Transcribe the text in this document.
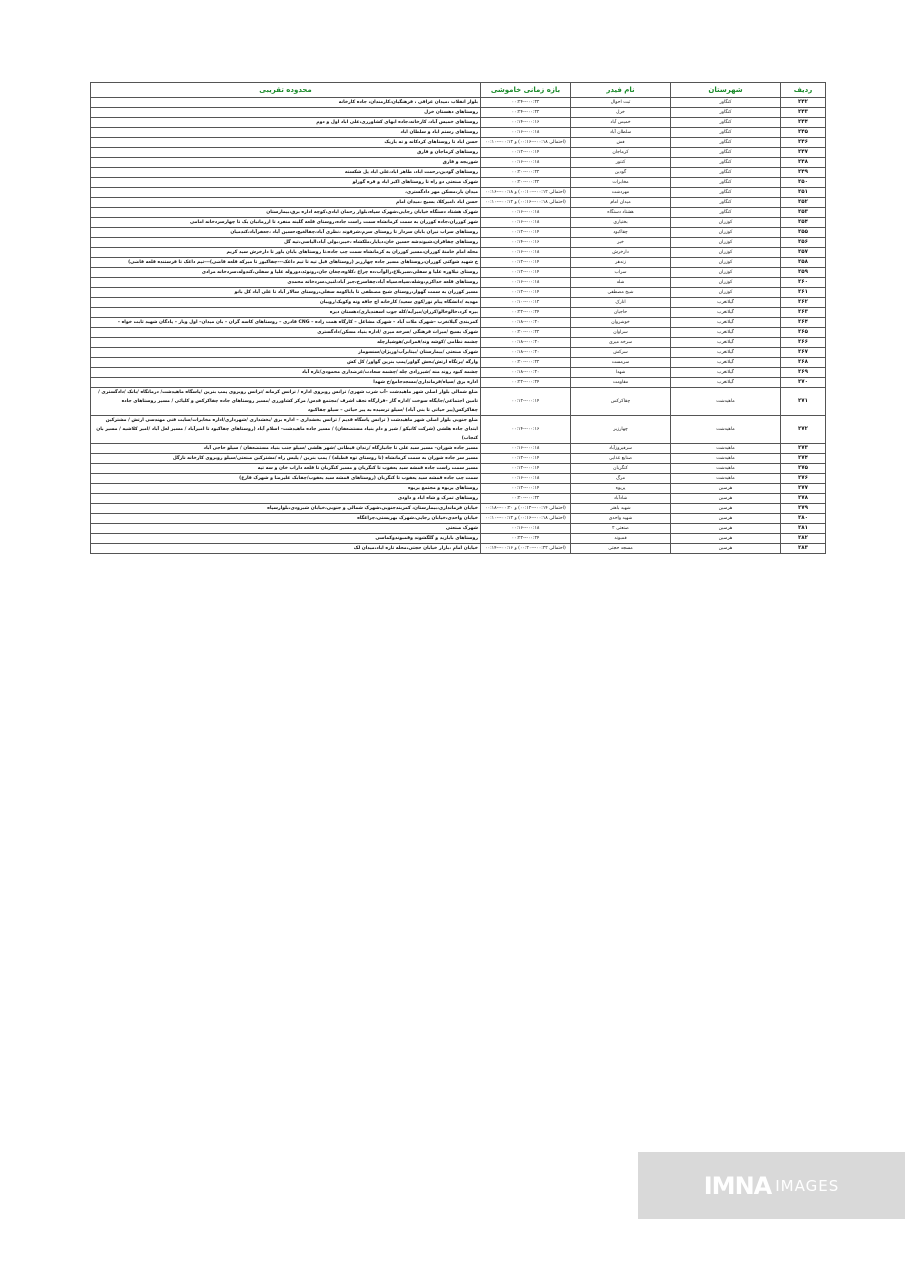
ردیف	شهرستان	نام فیدر	بازه زمانی خاموشی	محدوده تقریبی
۲۴۲	کنگاور	ثبت احوال	۰۰:۲۲---۰۰:۲۴	بلوار انقلاب ،میدان عراقی ، فرهنگیان،کارمندان، جاده کارخانه
۲۴۳	کنگاور	خزل	۰۰:۲۲---۰۰:۲۴	روستاهای دهستان خزل
۲۴۴	کنگاور	خمیس آباد	۰۰:۱۶---۰۰:۱۴	روستاهای خمیس آباد، کارخانه،جاده ابهای کشاورزی،علی اباد اول و دوم
۲۴۵	کنگاور	سلطان آباد	۰۰:۱۸---۰۰:۱۶	روستاهای رستم اباد و سلطان اباد
۲۴۶	کنگاور	فش	(احتمالی ۰۰:۱۸---۰۰:۱۶) و ۰۰:۱۲---۰۰:۱۰	حسن اباد تا روستاهای کردکانه و ته بازیک
۲۴۷	کنگاور	کرماجان	۰۰:۱۴---۰۰:۱۲	روستاهای کرماجان و فارق
۲۴۸	کنگاور	کنتور	۰۰:۱۸---۰۰:۱۶	شوریجه و فارق
۲۴۹	کنگاور	گودین	۰۰:۲۲---۰۰:۲۰	روستاهای گودین،رحمت اباد، طاهر اباد،علی اباد پل شکسته
۲۵۰	کنگاور	مخابرات	۰۰:۲۲---۰۰:۲۰	شهرک صنعتی دو راه تا روستاهای اکبر اباد و قره گوزلو
۲۵۱	کنگاور	مهردشت	(احتمالی ۰۰:۱۲---۰۰:۱۰) و ۰۰:۱۸---۰۰:۱۶	میدان بار،مسکن مهر دادگستری،
۲۵۲	کنگاور	میدان امام	(احتمالی ۰۰:۱۸---۰۰:۱۶) و ۰۰:۱۲---۰۰:۱۰	حسن اباد ،امیرکلا، بسیج ،میدان امام
۲۵۳	کنگاور	هشتاد دستگاه	۰۰:۱۸---۰۰:۱۶	شهرک هشتاد دستگاه خیابان رجایی،شهرک سپاه،بلوار رحمان ابادی،کوچه اداره برق،بیمارستان
۲۵۴	کوزران	بختیاری	۰۰:۱۸---۰۰:۱۶	شهر کوزران،جاده کوزران به سمت کرمانشاه سمت راست جاده،روستای قلعه گلینه منفرد تا ازرمانبان یک تا چهارسردخانه امامی
۲۵۵	کوزران	چقاکبود	۰۰:۱۴---۰۰:۱۲	روستاهای سراب نیران بابان سردار تا روستای سرم،شرفوند ،نظری آباد،چقالغیچ،حسین آباد ،جعفرآباد،کندمیان
۲۵۶	کوزران	خیر	۰۰:۱۶---۰۰:۱۴	روستاهای چقاقران،شیوندشه حسین خان،دیایار،ملکشاه ،خیبر،بولی آباد،الیاسی،تپه گل
۲۵۷	کوزران	دارخرش	۰۰:۱۸---۰۰:۱۶	محله امام خامنهٔ کوزران،مسیر کوزران به کرمانشاه سمت چپ جاده،تا روستاهای بابان باور تا دارخرش سید کریم
۲۵۸	کوزران	زندهر	۰۰:۱۴---۰۰:۱۲	خ شهید شوکتی کوزران،روستاهای مسیر جاده چهارزبر (روستاهای قبل تپه تا تیم داغک---چقاکبوز تا میرکه قلعه قاضی)---تیم داغک تا فرستنده قلعه قاضی)
۲۵۹	کوزران	سراب	۰۰:۱۴---۰۰:۱۲	روستای نیلاوره علیا و سفلی،سبزبلاغ،زالوآب،ده چراغ ،کلاوه،چغان جان،رونوئد،دوروله علیا و سفلی،کندوله،سردخانه مرادی
۲۶۰	کوزران	شله	۰۰:۱۸---۰۰:۱۶	روستاهای قلعه خداکرم،وشله،سپاه،سپاه آباد،چقاسرخ،جبر آباد،لنبی،سردخانه محمدی
۲۶۱	کوزران	شیخ مصطفی	۰۰:۱۴---۰۰:۱۲	مسیر کوزران به سمت گهوار،روستای شیخ مصطفی تا باباکومه سفلی،روستای سالار آباد تا علی آباد کل بانو
۲۶۲	گیلانغرب	انارک	۰۰:۱۲---۰۰:۱۰	مهدیه /دانشگاه پیام نور/کوی سعید/ کارخانه اچ جاقه ونه وکویک/رویبان
۲۶۳	گیلانغرب	حاجیان	۰۰:۲۴---۰۰:۲۲	بیره کرد،خالوخالو/کرزان/میرآبه/کله جوب اسفندیاری/دهستان دیره
۲۶۴	گیلانغرب	خوشروان	۰۰:۲۰---۰۰:۱۸	کمربندی گیلانغرب –شهرک ملات آباد – شهرک مشاغل – کارگاه همت زاده – CNG قادری – روستاهای کاسه گران – بان میدان– اول ویاز – پادگان شهید ثابت خواه –
۲۶۵	گیلانغرب	سراوان	۰۰:۲۲---۰۰:۲۰	شهرک بسیج /میراث فرهنگی /سرخه میری /اداره بنیاد مسکن/دادگستری
۲۶۶	گیلانغرب	سرخه میری	۰۰:۲۰---۰۰:۱۸	چشمه نظامی /کوشه وند/قمرانی/هوشیارچله
۲۶۷	گیلانغرب	سرکش	۰۰:۲۰---۰۰:۱۸	شهرک صنعتی /بیمارستان /بیتابزآب/وزیژان/سنسوماز
۲۶۸	گیلانغرب	سرمست	۰۰:۲۲---۰۰:۲۰	وارگه /پرتگاه ارتش/بحش گواور/پمپ بنزین گواور/ کل کش
۲۶۹	گیلانغرب	شهدا	۰۰:۲۰---۰۰:۱۸	چشمه کبود روند منه /شیرزادی چله /چشمه سعادت/عرضداری محمودی/تازه آباد
۲۷۰	گیلانغرب	مقاومت	۰۰:۲۴---۰۰:۲۲	اداره برق /سپاه/فرمانداری/مسجدجامع/خ شهدا
۲۷۱	ماهیدشت	چقاکرکس	۰۰:۱۴---۰۰:۱۲	ضلع شمالی بلوار اصلی شهر ماهیدشت –آب شرب شهری/ ترانس روبروی اداره / ترانس کرمانه /ترانس روبروی پمپ بنزین /پاسگاه ماهیدشت/ درمانگاه /بانک /دادگستری /تامین اجتماعی/جایگاه سوخت /اداره گاز –قرارگاه نجف اشرف /مجتمع قدس/ مرکز کشاورزی /مسیر روستاهای جاده چقاکرکس و کلیائی / مسیر روستاهای جاده چقاکرکس(پیر حیاتی تا بنی آباد) /سیلو ترسیده به پیر حیاتی – سیلو چقاکبود
۲۷۲	ماهیدشت	چهارزبر	۰۰:۱۶---۰۰:۱۴	ضلع جنوبی بلوار اصلی شهر ماهیدشت ( ترانس پاسگاه قدیم / ترانس بخشداری – اداره برق /بخشداری /شهرداری/اداره مخابرات/سایت فنی مهندسی ارتش / مشترکین ابتدای جاده هلشی (شرکت کانیکو / شیر و دام بنیاد مستضعفان) / مسیر جاده ماهیدشت– اسلام آباد (روستاهای چقاکبود تا امیرآباد / مسیر لعل آباد /امیر کلاشیه / مسیر بان کنجاب)
۲۷۳	ماهیدشت	سرفیروزآباد	۰۰:۱۸---۰۰:۱۶	مسیر جاده شوران– مسیر سید علی تا جانبازگاه /زندان قیطانی /شهر هلشی /سیلو جنب بنیاد مستضعفان / سیلو حاجی آباد
۲۷۴	ماهیدشت	صنایع غذایی	۰۰:۱۴---۰۰:۱۲	مسیر سر جاده شوران به سمت کرمانشاه (تا روستای توه قطبله) / پمپ بنزین / پلیس راه /مشترکین صنعتی/سیلو روبروی کارخانه نارگل
۲۷۵	ماهیدشت	کنگربان	۰۰:۱۴---۰۰:۱۲	مسیر سمت راست جاده قمشه سید یعقوب تا کنگربان و مسیر کنگربان تا قلعه داراب خان و سه تپه
۲۷۶	ماهیدشت	مرگ	۰۰:۱۸---۰۰:۱۶	سمت چپ جاده قمشه سید یعقوب تا کنگربان (روستاهای قمشه سید یعقوب/چقابک علیرضا و شهرک فارغ)
۲۷۷	هرسین	پریوه	۰۰:۱۴---۰۰:۱۲	روستاهای پریوه و مجتمع پریوه
۲۷۸	هرسین	شادآباد	۰۰:۲۲---۰۰:۲۰	روستاهای تمرک و شاه اباد و داودی
۲۷۹	هرسین	شهید باهنر	(احتمالی ۰۰:۱۴---۰۰:۱۲) و ۰۰:۲۰---۰۰:۱۸	خیابان فرمانداری،بیمارستان، کمربندجنوبی،شهرک شمالی و جنوبی،خیابان شیرودی،بلوارسپاه
۲۸۰	هرسین	شهید واحدی	(احتمالی ۰۰:۱۸---۰۰:۱۶) و ۰۰:۱۲---۰۰:۱۰	خیابان واحدی،خیابان رجایی،شهرک بهزیستی،چراغگاه
۲۸۱	هرسین	صنعتی ۲	۰۰:۱۸---۰۰:۱۶	شهرک صنعتی
۲۸۲	هرسین	قمبوند	۰۰:۲۴---۰۰:۲۲	روستاهای بابازید و گلگشوند وقمبوندوکماسی
۲۸۳	هرسین	مسجد حجتی	(احتمالی ۰۰:۲۲---۰۰:۲۰) و ۰۰:۱۶---۰۰:۱۴	خیابان امام ،بازار خیابان حجتی،محله تازه اباد،میدان لک
IMNA IMAGES
